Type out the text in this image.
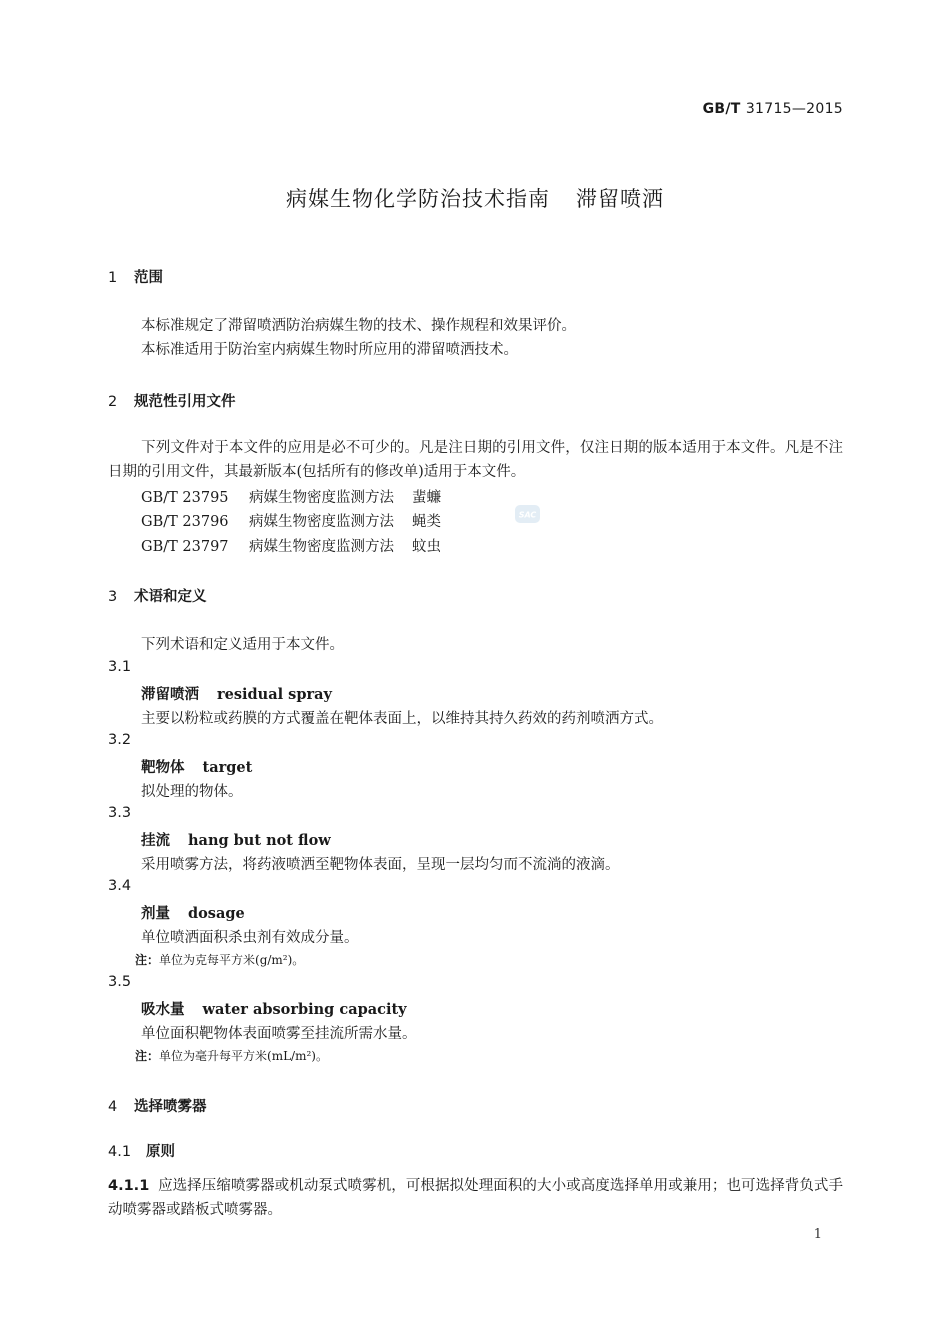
GB/T 31715—2015
病媒生物化学防治技术指南 滞留喷洒
1 范围
本标准规定了滞留喷洒防治病媒生物的技术、操作规程和效果评价。
本标准适用于防治室内病媒生物时所应用的滞留喷洒技术。
2 规范性引用文件
下列文件对于本文件的应用是必不可少的。凡是注日期的引用文件，仅注日期的版本适用于本文件。凡是不注日期的引用文件，其最新版本(包括所有的修改单)适用于本文件。
GB/T 23795 病媒生物密度监测方法 蜚蠊
GB/T 23796 病媒生物密度监测方法 蝇类
GB/T 23797 病媒生物密度监测方法 蚊虫
SAC
3 术语和定义
下列术语和定义适用于本文件。
3.1
滞留喷洒 residual spray
主要以粉粒或药膜的方式覆盖在靶体表面上，以维持其持久药效的药剂喷洒方式。
3.2
靶物体 target
拟处理的物体。
3.3
挂流 hang but not flow
采用喷雾方法，将药液喷洒至靶物体表面，呈现一层均匀而不流淌的液滴。
3.4
剂量 dosage
单位喷洒面积杀虫剂有效成分量。
注：单位为克每平方米(g/m²)。
3.5
吸水量 water absorbing capacity
单位面积靶物体表面喷雾至挂流所需水量。
注：单位为毫升每平方米(mL/m²)。
4 选择喷雾器
4.1 原则
4.1.1 应选择压缩喷雾器或机动泵式喷雾机，可根据拟处理面积的大小或高度选择单用或兼用；也可选择背负式手动喷雾器或踏板式喷雾器。
1
